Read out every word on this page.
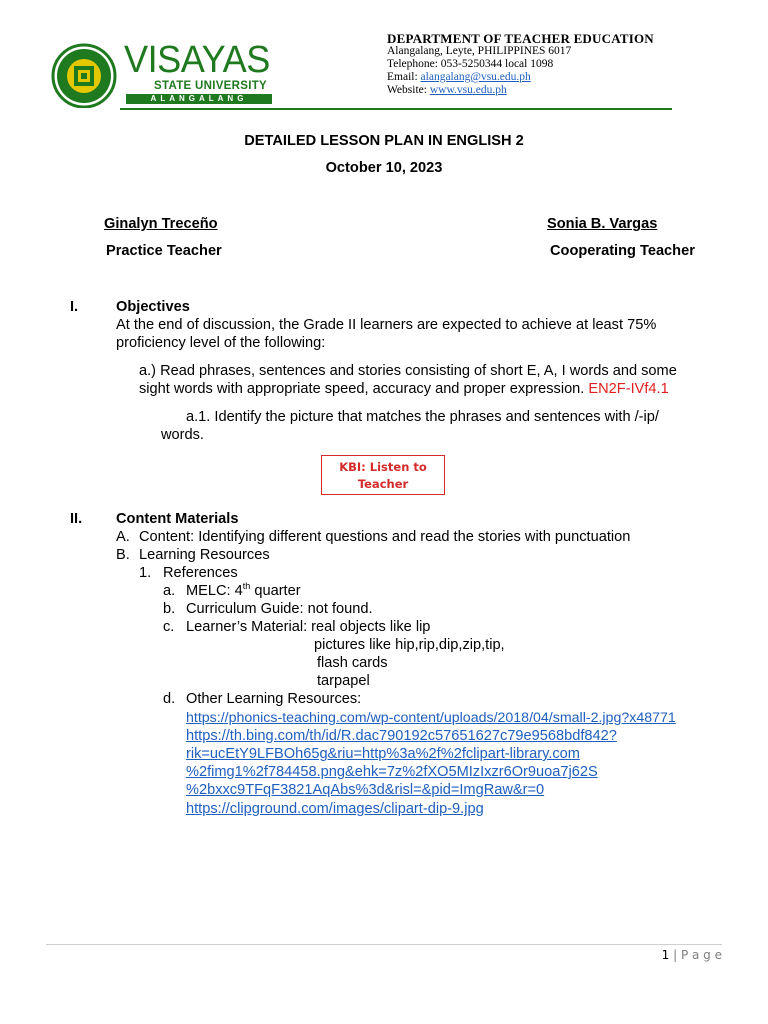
VISAYAS
STATE UNIVERSITY
ALANGALANG
DEPARTMENT OF TEACHER EDUCATION
Alangalang, Leyte, PHILIPPINES 6017
Telephone: 053-5250344 local 1098
Email: alangalang@vsu.edu.ph
Website: www.vsu.edu.ph
DETAILED LESSON PLAN IN ENGLISH 2
October 10, 2023
Ginalyn Treceño
Practice Teacher
Sonia B. Vargas
Cooperating Teacher
I.	Objectives
At the end of discussion, the Grade II learners are expected to achieve at least 75%
proficiency level of the following:
a.) Read phrases, sentences and stories consisting of short E, A, I words and some
sight words with appropriate speed, accuracy and proper expression. EN2F-IVf4.1
a.1. Identify the picture that matches the phrases and sentences with /-ip/
words.
KBI: Listen to
Teacher
II. Content Materials
A. Content: Identifying different questions and read the stories with punctuation
B. Learning Resources
1. References
a. MELC: 4th quarter
b. Curriculum Guide: not found.
c. Learner’s Material: real objects like lip
pictures like hip,rip,dip,zip,tip,
flash cards
tarpapel
d. Other Learning Resources:
https://phonics-teaching.com/wp-content/uploads/2018/04/small-2.jpg?x48771
https://th.bing.com/th/id/R.dac790192c57651627c79e9568bdf842?
rik=ucEtY9LFBOh65g&riu=http%3a%2f%2fclipart-library.com
%2fimg1%2f784458.png&ehk=7z%2fXO5MIzIxzr6Or9uoa7j62S
%2bxxc9TFqF3821AqAbs%3d&risl=&pid=ImgRaw&r=0
https://clipground.com/images/clipart-dip-9.jpg
1 | P a g e
